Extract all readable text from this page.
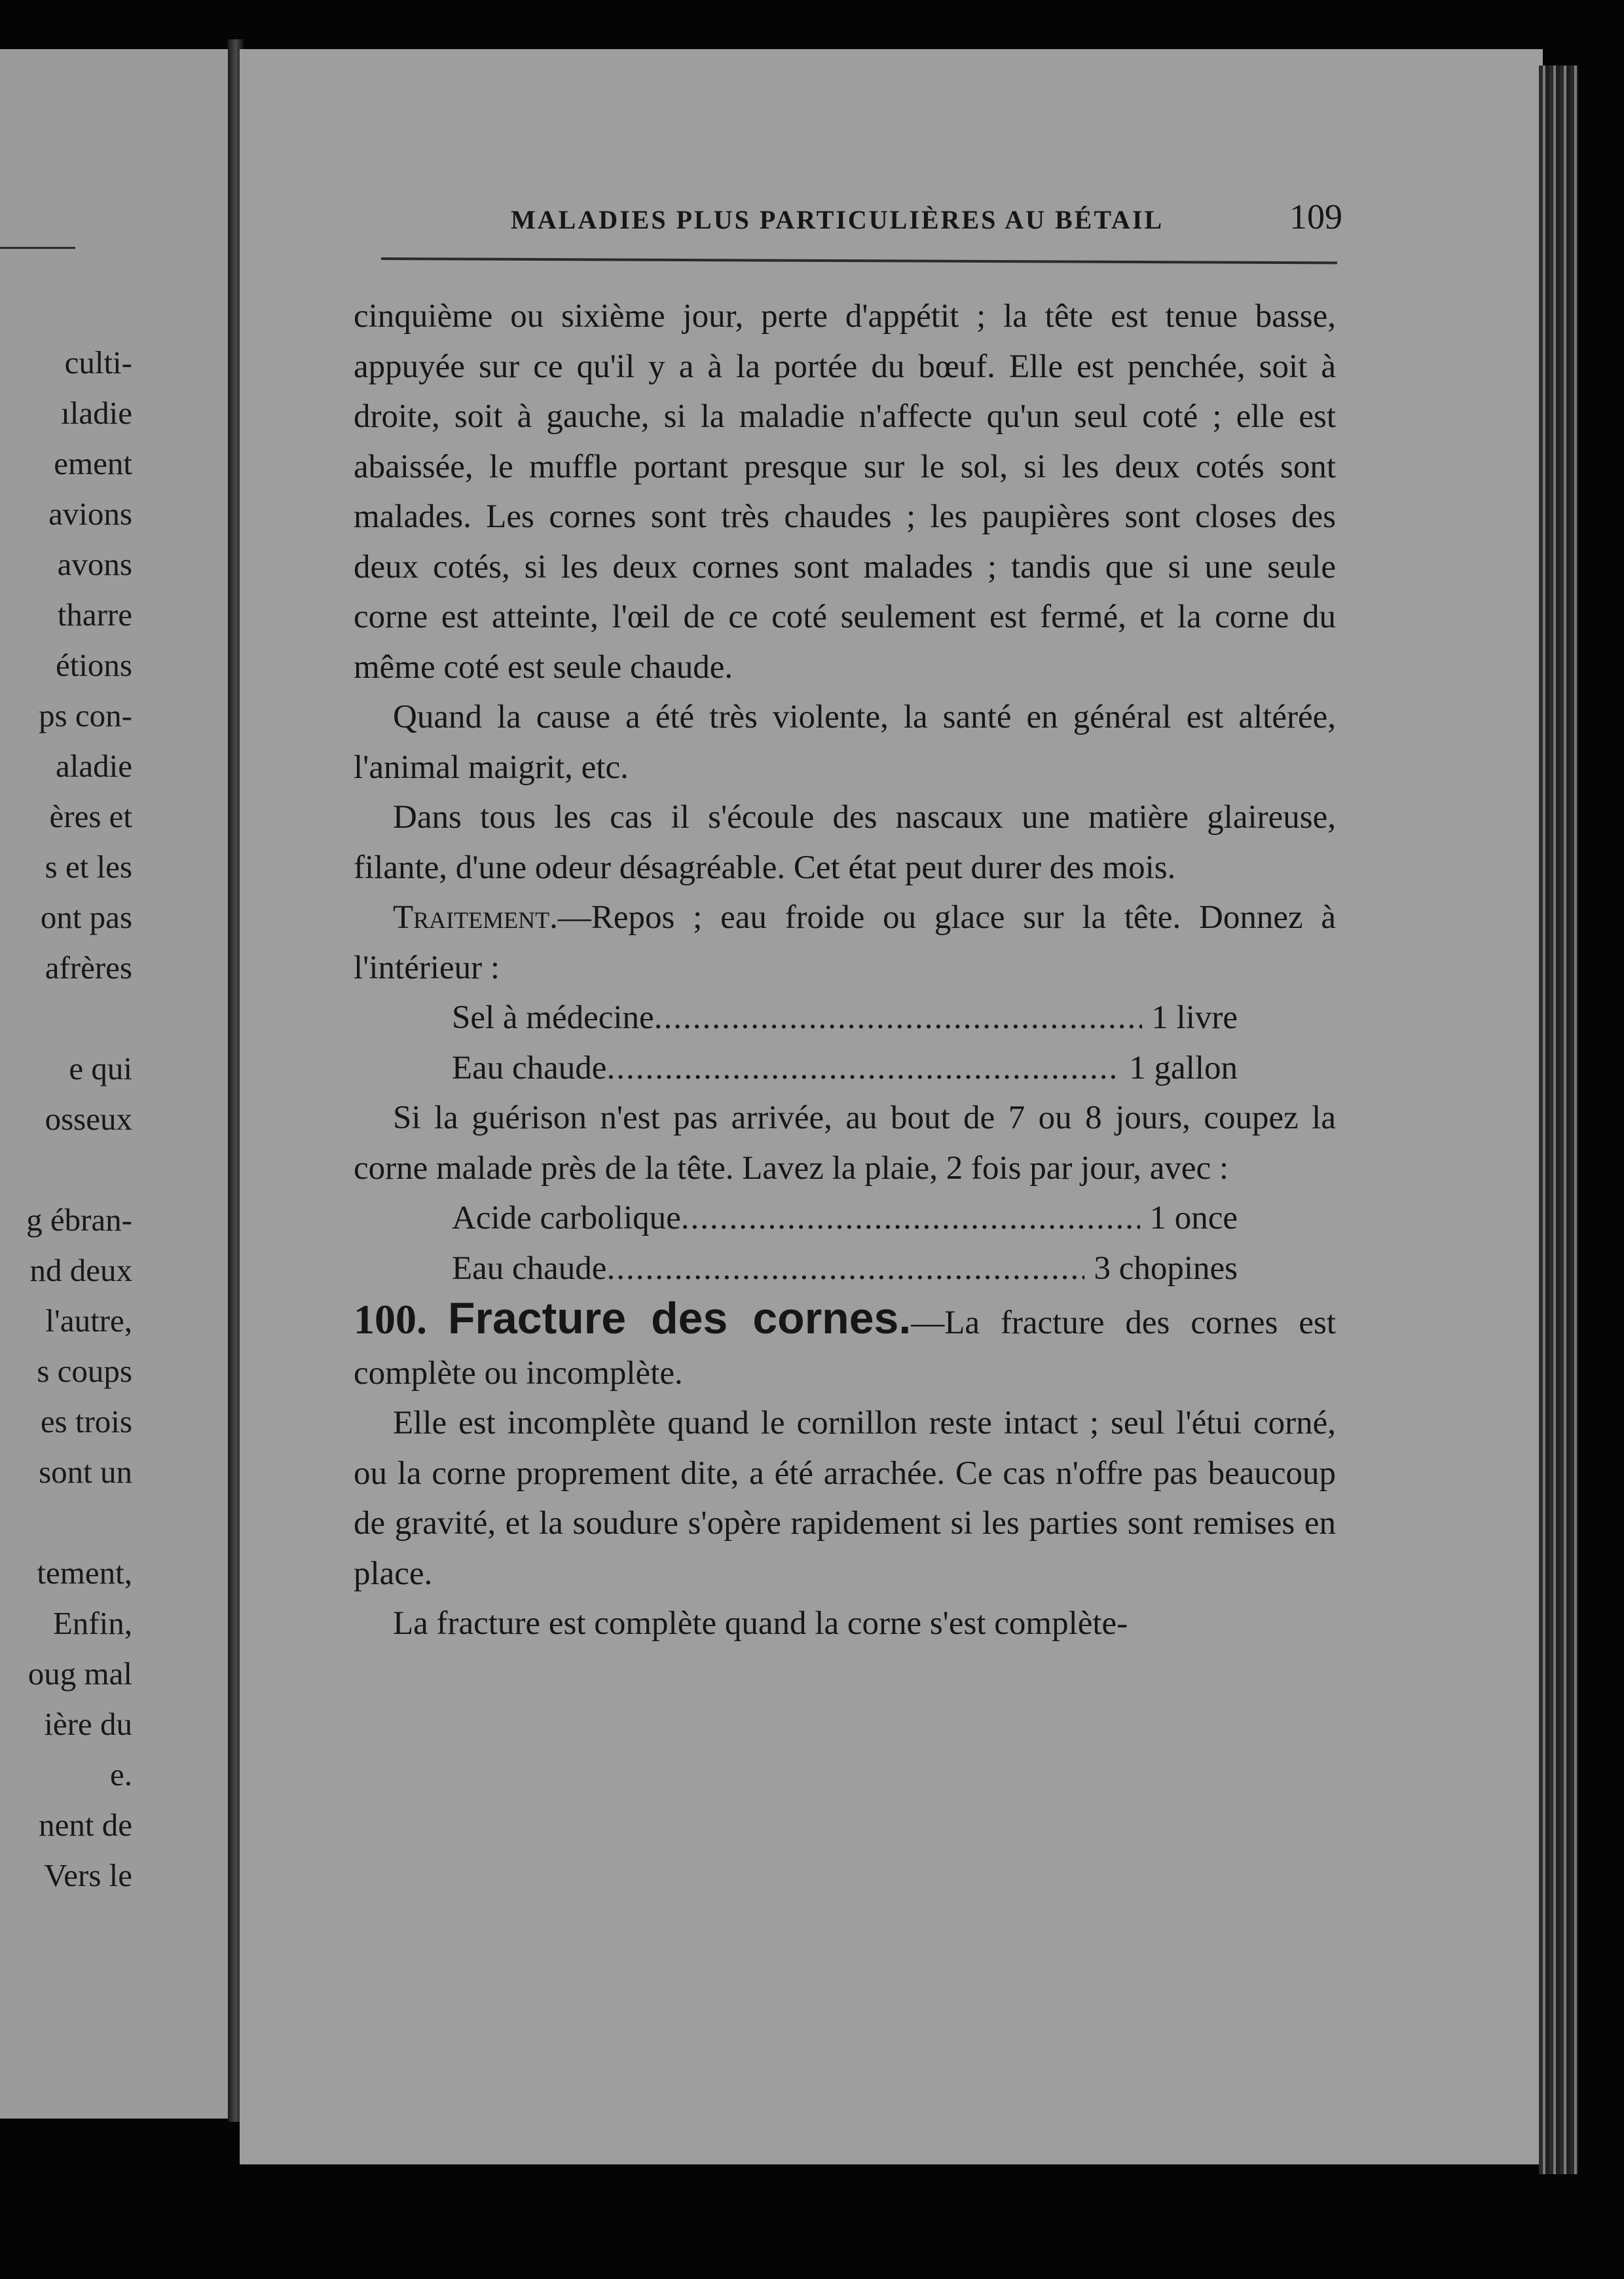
culti-
ıladie
ement
avions
avons
tharre
étions
ps con-
aladie
ères et
s et les
ont pas
afrères

e qui
osseux

g ébran-
nd deux
l'autre,
s coups
es trois
sont un

tement,
Enfin,
oug mal
ière du
e.
nent de
Vers le
MALADIES PLUS PARTICULIÈRES AU BÉTAIL	109

cinquième ou sixième jour, perte d'appétit ; la tête est tenue basse, appuyée sur ce qu'il y a à la portée du bœuf. Elle est penchée, soit à droite, soit à gauche, si la maladie n'affecte qu'un seul coté ; elle est abaissée, le muffle portant presque sur le sol, si les deux cotés sont malades. Les cornes sont très chaudes ; les paupières sont closes des deux cotés, si les deux cornes sont malades ; tandis que si une seule corne est atteinte, l'œil de ce coté seulement est fermé, et la corne du même coté est seule chaude.

Quand la cause a été très violente, la santé en général est altérée, l'animal maigrit, etc.

Dans tous les cas il s'écoule des nascaux une matière glaireuse, filante, d'une odeur désagréable. Cet état peut durer des mois.

Traitement.—Repos ; eau froide ou glace sur la tête. Donnez à l'intérieur :

Sel à médecine .....	1 livre
Eau chaude .....	1 gallon

Si la guérison n'est pas arrivée, au bout de 7 ou 8 jours, coupez la corne malade près de la tête. Lavez la plaie, 2 fois par jour, avec :

Acide carbolique .....	1 once
Eau chaude .....	3 chopines

100. Fracture des cornes.—La fracture des cornes est complète ou incomplète.

Elle est incomplète quand le cornillon reste intact ; seul l'étui corné, ou la corne proprement dite, a été arrachée. Ce cas n'offre pas beaucoup de gravité, et la soudure s'opère rapidement si les parties sont remises en place.

La fracture est complète quand la corne s'est complète-
